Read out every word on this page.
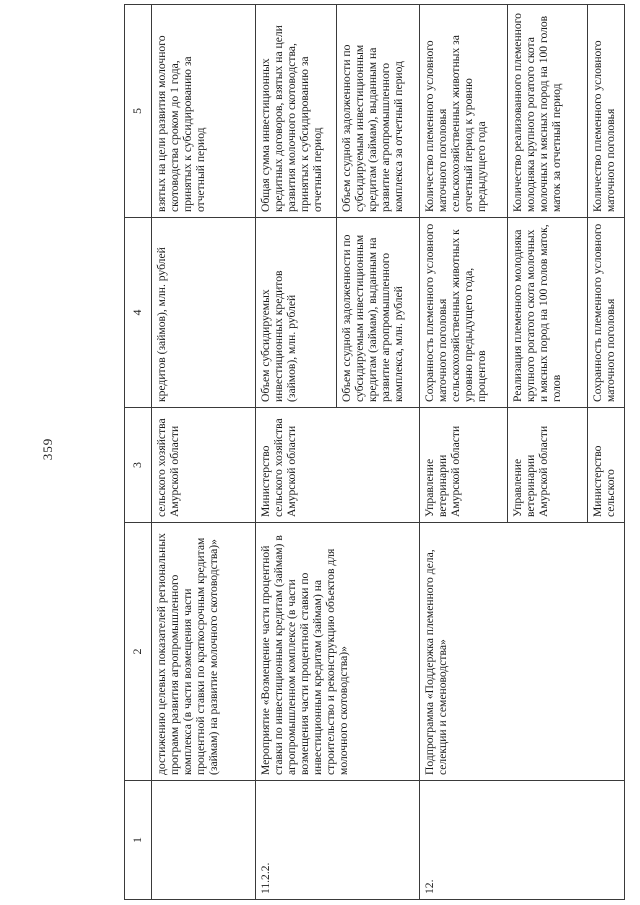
359
1	2	3	4	5
	достижению целевых показателей региональных программ развития агропромышленного комплекса (в части возмещения части процентной ставки по краткосрочным кредитам (займам) на развитие молочного скотоводства)»	сельского хозяйства Амурской области	кредитов (займов), млн. рублей	взятых на цели развития молочного скотоводства сроком до 1 года, принятых к субсидированию за отчетный период
11.2.2.	Мероприятие «Возмещение части процентной ставки по инвестиционным кредитам (займам) в агропромышленном комплексе (в части возмещения части процентной ставки по инвестиционным кредитам (займам) на строительство и реконструкцию объектов для молочного скотоводства)»	Министерство сельского хозяйства Амурской области	Объем субсидируемых инвестиционных кредитов (займов), млн. рублей	Общая сумма инвестиционных кредитных договоров, взятых на цели развития молочного скотоводства, принятых к субсидированию за отчетный период
			Объем ссудной задолженности по субсидируемым инвестиционным кредитам (займам), выданным на развитие агропромышленного комплекса, млн. рублей	Объем ссудной задолженности по субсидируемым инвестиционным кредитам (займам), выданным на развитие агропромышленного комплекса за отчетный период
12.	Подпрограмма «Поддержка племенного дела, селекции и семеноводства»	Управление ветеринарии Амурской области	Сохранность племенного условного маточного поголовья сельскохозяйственных животных к уровню предыдущего года, процентов	Количество племенного условного маточного поголовья сельскохозяйственных животных за отчетный период к уровню предыдущего года
		Управление ветеринарии Амурской области	Реализация племенного молодняка крупного рогатого скота молочных и мясных пород на 100 голов маток, голов	Количество реализованного племенного молодняка крупного рогатого скота молочных и мясных пород на 100 голов маток за отчетный период
		Министерство сельского	Сохранность племенного условного маточного поголовья	Количество племенного условного маточного поголовья
